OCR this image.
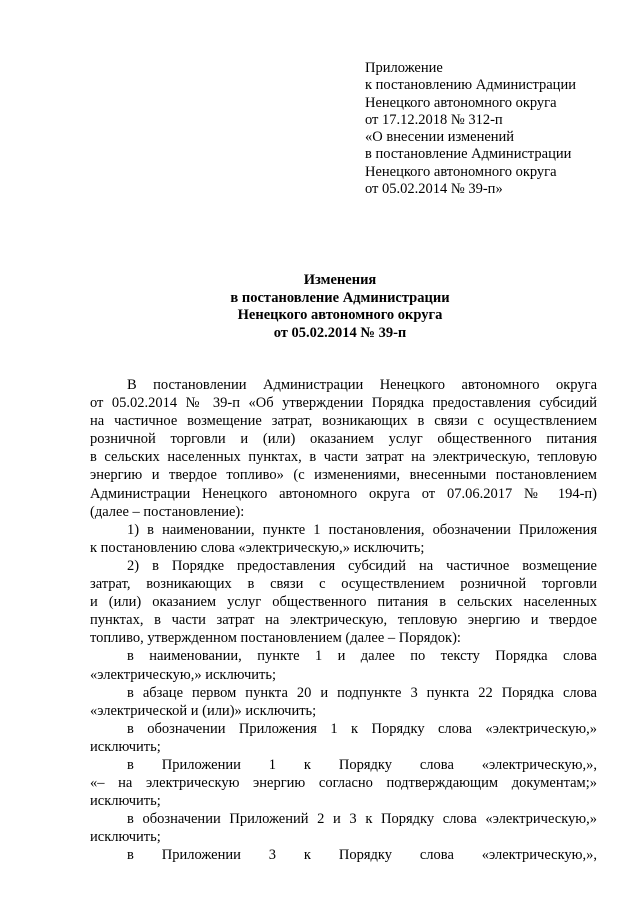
Приложение
к постановлению Администрации
Ненецкого автономного округа
от 17.12.2018 № 312-п
«О внесении изменений
в постановление Администрации
Ненецкого автономного округа
от 05.02.2014 № 39-п»
Изменения
в постановление Администрации
Ненецкого автономного округа
от 05.02.2014 № 39-п
В постановлении Администрации Ненецкого автономного округа
от 05.02.2014 № 39-п «Об утверждении Порядка предоставления субсидий
на частичное возмещение затрат, возникающих в связи с осуществлением
розничной торговли и (или) оказанием услуг общественного питания
в сельских населенных пунктах, в части затрат на электрическую, тепловую
энергию и твердое топливо» (с изменениями, внесенными постановлением
Администрации Ненецкого автономного округа от 07.06.2017 № 194-п)
(далее – постановление):
1) в наименовании, пункте 1 постановления, обозначении Приложения
к постановлению слова «электрическую,» исключить;
2) в Порядке предоставления субсидий на частичное возмещение
затрат, возникающих в связи с осуществлением розничной торговли
и (или) оказанием услуг общественного питания в сельских населенных
пунктах, в части затрат на электрическую, тепловую энергию и твердое
топливо, утвержденном постановлением (далее – Порядок):
в наименовании, пункте 1 и далее по тексту Порядка слова
«электрическую,» исключить;
в абзаце первом пункта 20 и подпункте 3 пункта 22 Порядка слова
«электрической и (или)» исключить;
в обозначении Приложения 1 к Порядку слова «электрическую,»
исключить;
в Приложении 1 к Порядку слова «электрическую,»,
«– на электрическую энергию согласно подтверждающим документам;»
исключить;
в обозначении Приложений 2 и 3 к Порядку слова «электрическую,»
исключить;
в Приложении 3 к Порядку слова «электрическую,»,
